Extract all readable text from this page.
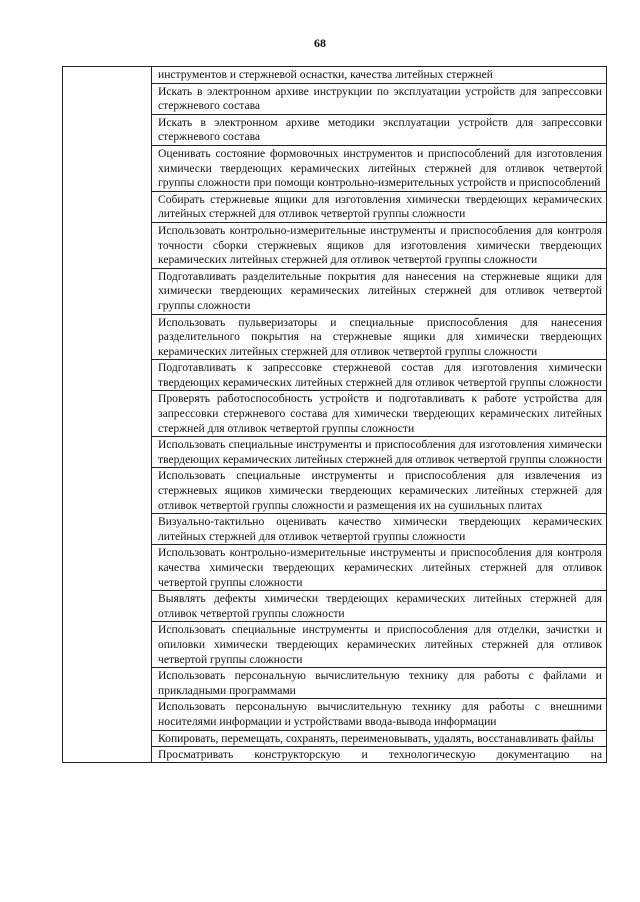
68

инструментов и стержневой оснастки, качества литейных стержней

Искать в электронном архиве инструкции по эксплуатации устройств для запрессовки стержневого состава

Искать в электронном архиве методики эксплуатации устройств для запрессовки стержневого состава

Оценивать состояние формовочных инструментов и приспособлений для изготовления химически твердеющих керамических литейных стержней для отливок четвертой группы сложности при помощи контрольно-измерительных устройств и приспособлений

Собирать стержневые ящики для изготовления химически твердеющих керамических литейных стержней для отливок четвертой группы сложности

Использовать контрольно-измерительные инструменты и приспособления для контроля точности сборки стержневых ящиков для изготовления химически твердеющих керамических литейных стержней для отливок четвертой группы сложности

Подготавливать разделительные покрытия для нанесения на стержневые ящики для химически твердеющих керамических литейных стержней для отливок четвертой группы сложности

Использовать пульверизаторы и специальные приспособления для нанесения разделительного покрытия на стержневые ящики для химически твердеющих керамических литейных стержней для отливок четвертой группы сложности

Подготавливать к запрессовке стержневой состав для изготовления химически твердеющих керамических литейных стержней для отливок четвертой группы сложности

Проверять работоспособность устройств и подготавливать к работе устройства для запрессовки стержневого состава для химически твердеющих керамических литейных стержней для отливок четвертой группы сложности

Использовать специальные инструменты и приспособления для изготовления химически твердеющих керамических литейных стержней для отливок четвертой группы сложности

Использовать специальные инструменты и приспособления для извлечения из стержневых ящиков химически твердеющих керамических литейных стержней для отливок четвертой группы сложности и размещения их на сушильных плитах

Визуально-тактильно оценивать качество химически твердеющих керамических литейных стержней для отливок четвертой группы сложности

Использовать контрольно-измерительные инструменты и приспособления для контроля качества химически твердеющих керамических литейных стержней для отливок четвертой группы сложности

Выявлять дефекты химически твердеющих керамических литейных стержней для отливок четвертой группы сложности

Использовать специальные инструменты и приспособления для отделки, зачистки и опиловки химически твердеющих керамических литейных стержней для отливок четвертой группы сложности

Использовать персональную вычислительную технику для работы с файлами и прикладными программами

Использовать персональную вычислительную технику для работы с внешними носителями информации и устройствами ввода-вывода информации

Копировать, перемещать, сохранять, переименовывать, удалять, восстанавливать файлы

Просматривать конструкторскую и технологическую документацию на
